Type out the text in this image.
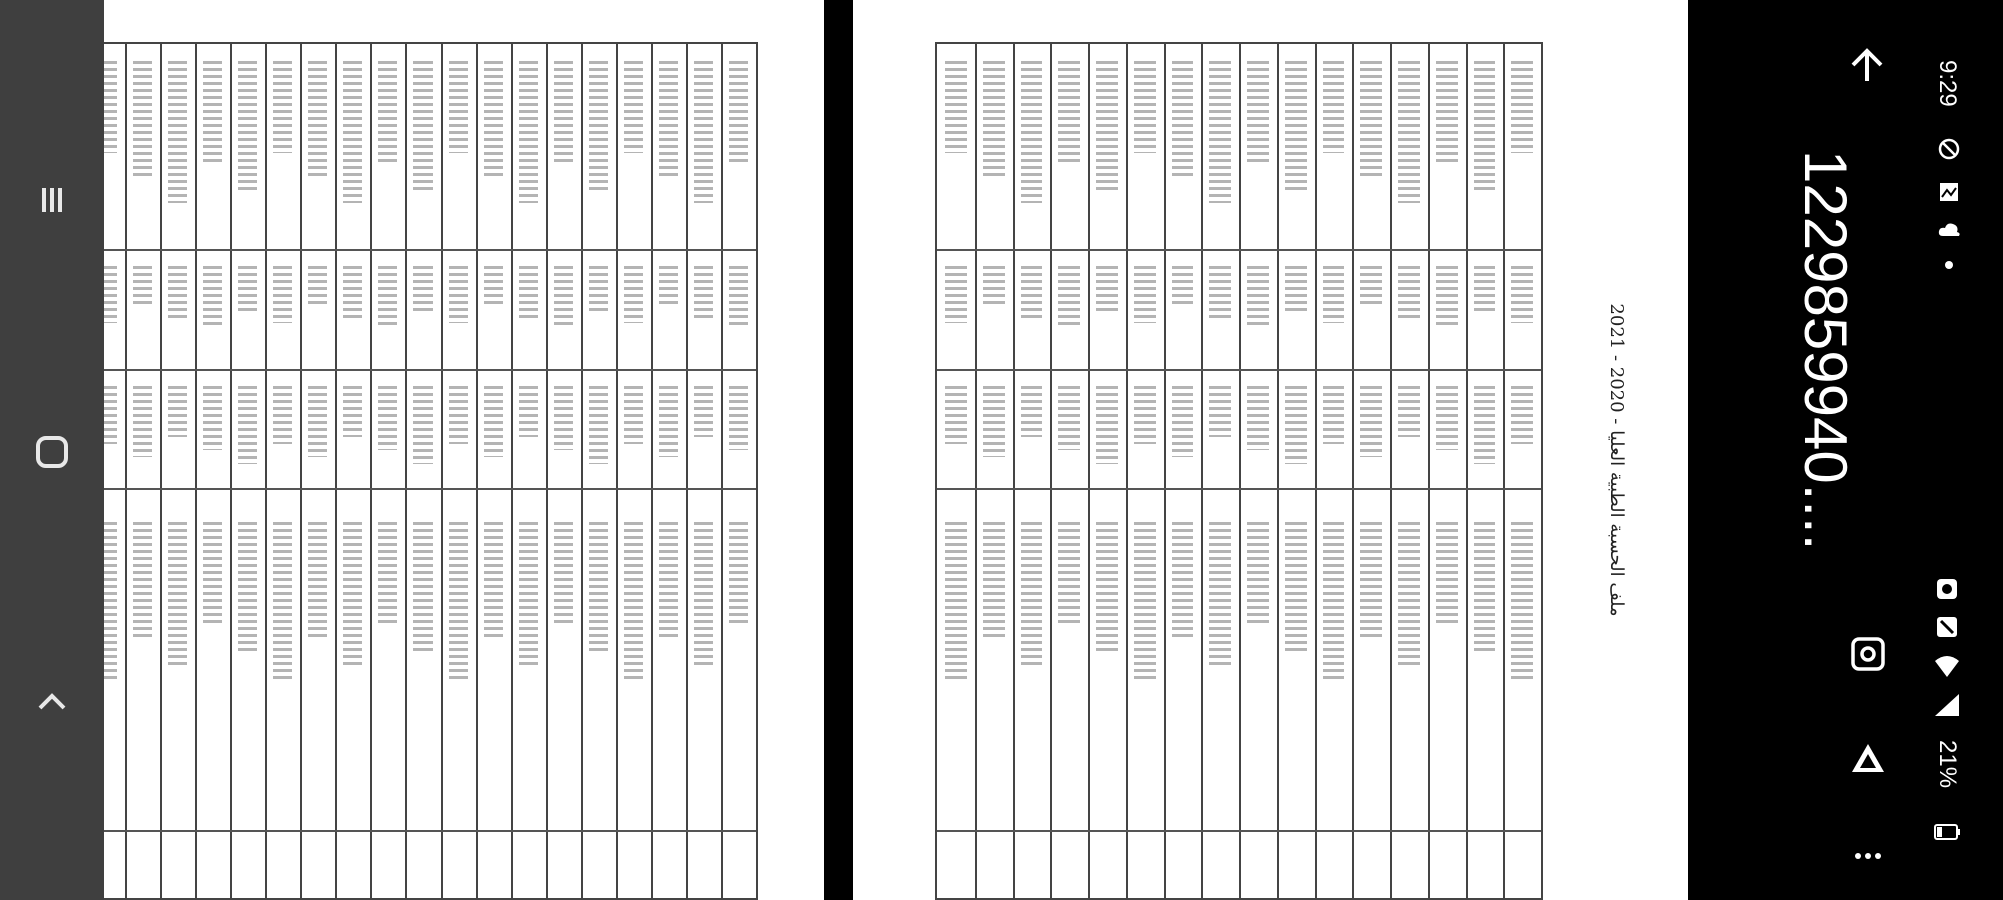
ملف الحسبة الطبية العليا - 2020 - 2021	1229859940....
9:29
21%
